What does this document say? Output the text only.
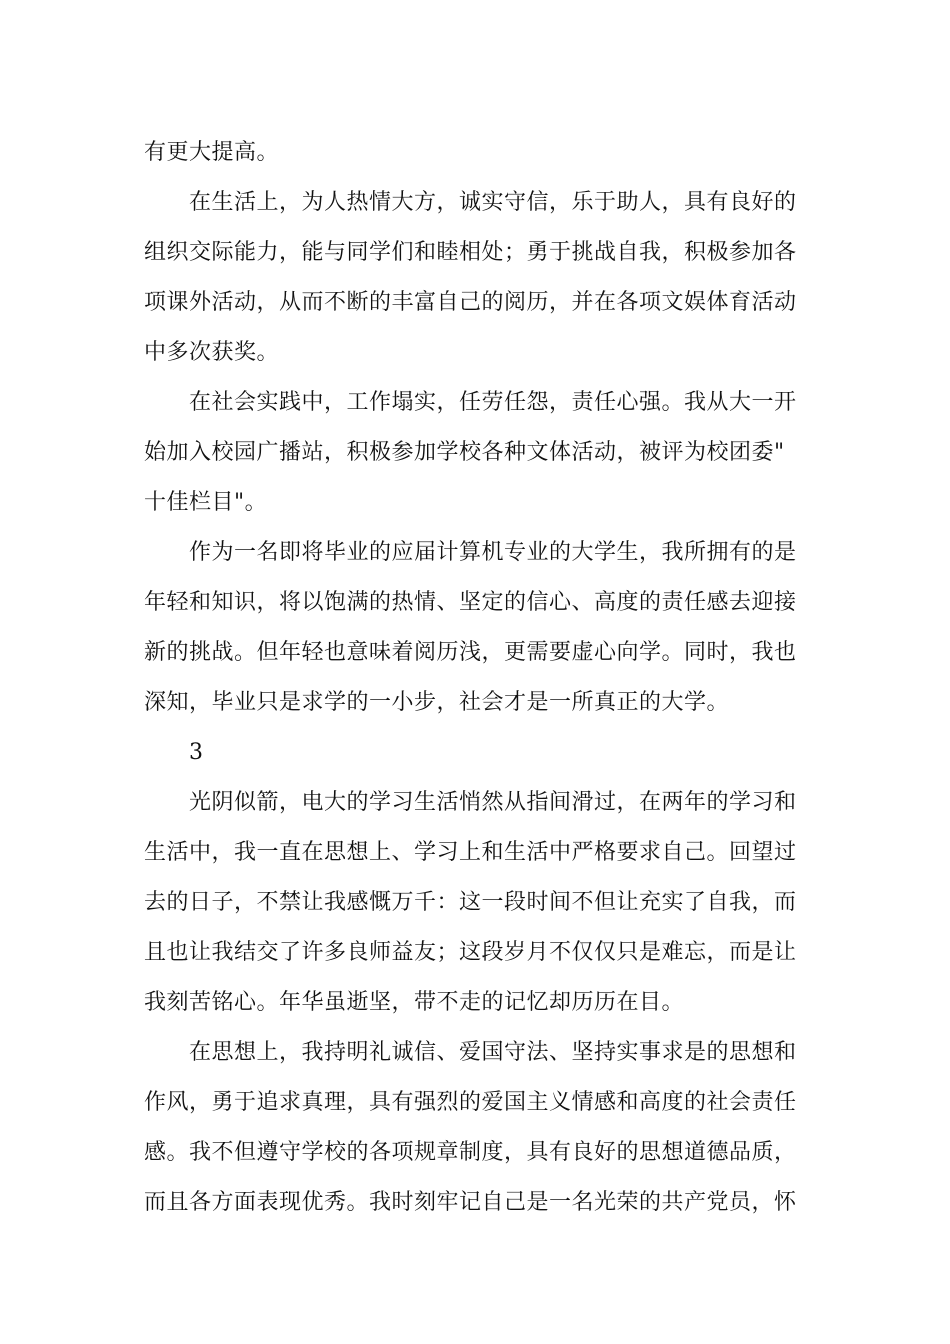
有更大提高。
　　在生活上，为人热情大方，诚实守信，乐于助人，具有良好的
组织交际能力，能与同学们和睦相处；勇于挑战自我，积极参加各
项课外活动，从而不断的丰富自己的阅历，并在各项文娱体育活动
中多次获奖。
　　在社会实践中，工作塌实，任劳任怨，责任心强。我从大一开
始加入校园广播站，积极参加学校各种文体活动，被评为校团委"
十佳栏目"。
　　作为一名即将毕业的应届计算机专业的大学生，我所拥有的是
年轻和知识，将以饱满的热情、坚定的信心、高度的责任感去迎接
新的挑战。但年轻也意味着阅历浅，更需要虚心向学。同时，我也
深知，毕业只是求学的一小步，社会才是一所真正的大学。
　　3
　　光阴似箭，电大的学习生活悄然从指间滑过，在两年的学习和
生活中，我一直在思想上、学习上和生活中严格要求自己。回望过
去的日子，不禁让我感慨万千：这一段时间不但让充实了自我，而
且也让我结交了许多良师益友；这段岁月不仅仅只是难忘，而是让
我刻苦铭心。年华虽逝坚，带不走的记忆却历历在目。
　　在思想上，我持明礼诚信、爱国守法、坚持实事求是的思想和
作风，勇于追求真理，具有强烈的爱国主义情感和高度的社会责任
感。我不但遵守学校的各项规章制度，具有良好的思想道德品质，
而且各方面表现优秀。我时刻牢记自己是一名光荣的共产党员，怀
